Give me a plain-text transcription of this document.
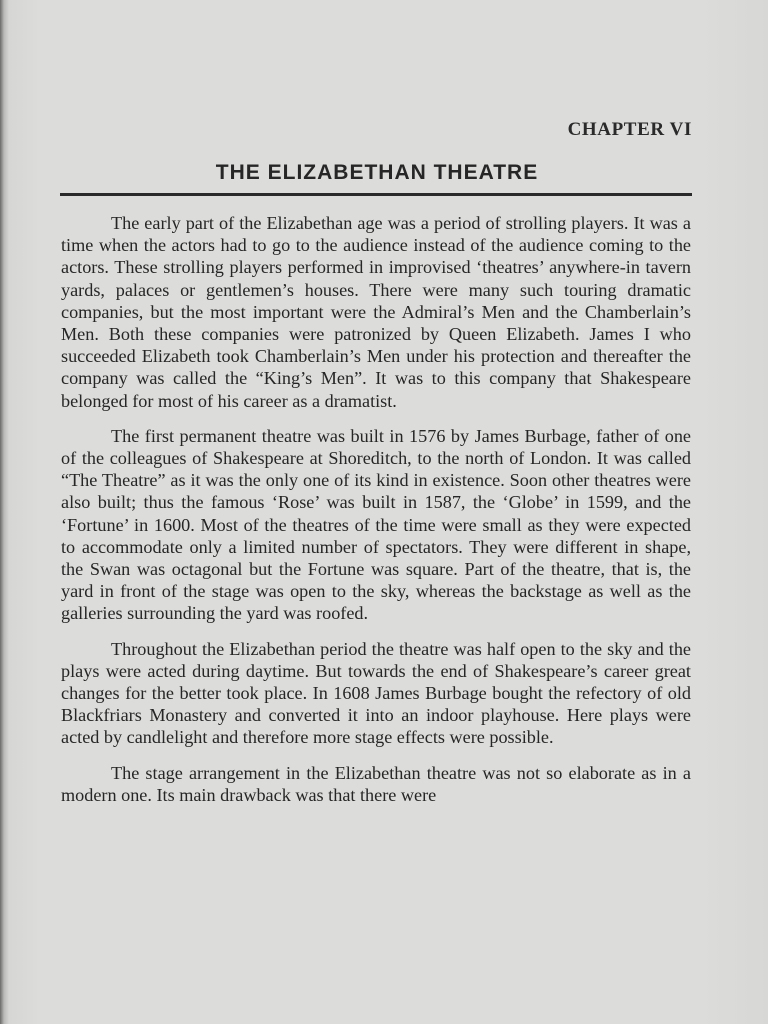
CHAPTER VI
THE ELIZABETHAN THEATRE

The early part of the Elizabethan age was a period of strolling players. It was a time when the actors had to go to the audience instead of the audience coming to the actors. These strolling players performed in improvised ‘theatres’ anywhere-in tavern yards, palaces or gentlemen’s houses. There were many such touring dramatic companies, but the most important were the Admiral’s Men and the Chamberlain’s Men. Both these companies were patronized by Queen Elizabeth. James I who succeeded Elizabeth took Chamberlain’s Men under his protection and thereafter the company was called the “King’s Men”. It was to this company that Shakespeare belonged for most of his career as a dramatist.

The first permanent theatre was built in 1576 by James Burbage, father of one of the colleagues of Shakespeare at Shoreditch, to the north of London. It was called “The Theatre” as it was the only one of its kind in existence. Soon other theatres were also built; thus the famous ‘Rose’ was built in 1587, the ‘Globe’ in 1599, and the ‘Fortune’ in 1600. Most of the theatres of the time were small as they were expected to accommodate only a limited number of spectators. They were different in shape, the Swan was octagonal but the Fortune was square. Part of the theatre, that is, the yard in front of the stage was open to the sky, whereas the backstage as well as the galleries surrounding the yard was roofed.

Throughout the Elizabethan period the theatre was half open to the sky and the plays were acted during daytime. But towards the end of Shakespeare’s career great changes for the better took place. In 1608 James Burbage bought the refectory of old Blackfriars Monastery and converted it into an indoor playhouse. Here plays were acted by candlelight and therefore more stage effects were possible.

The stage arrangement in the Elizabethan theatre was not so elaborate as in a modern one. Its main drawback was that there were
